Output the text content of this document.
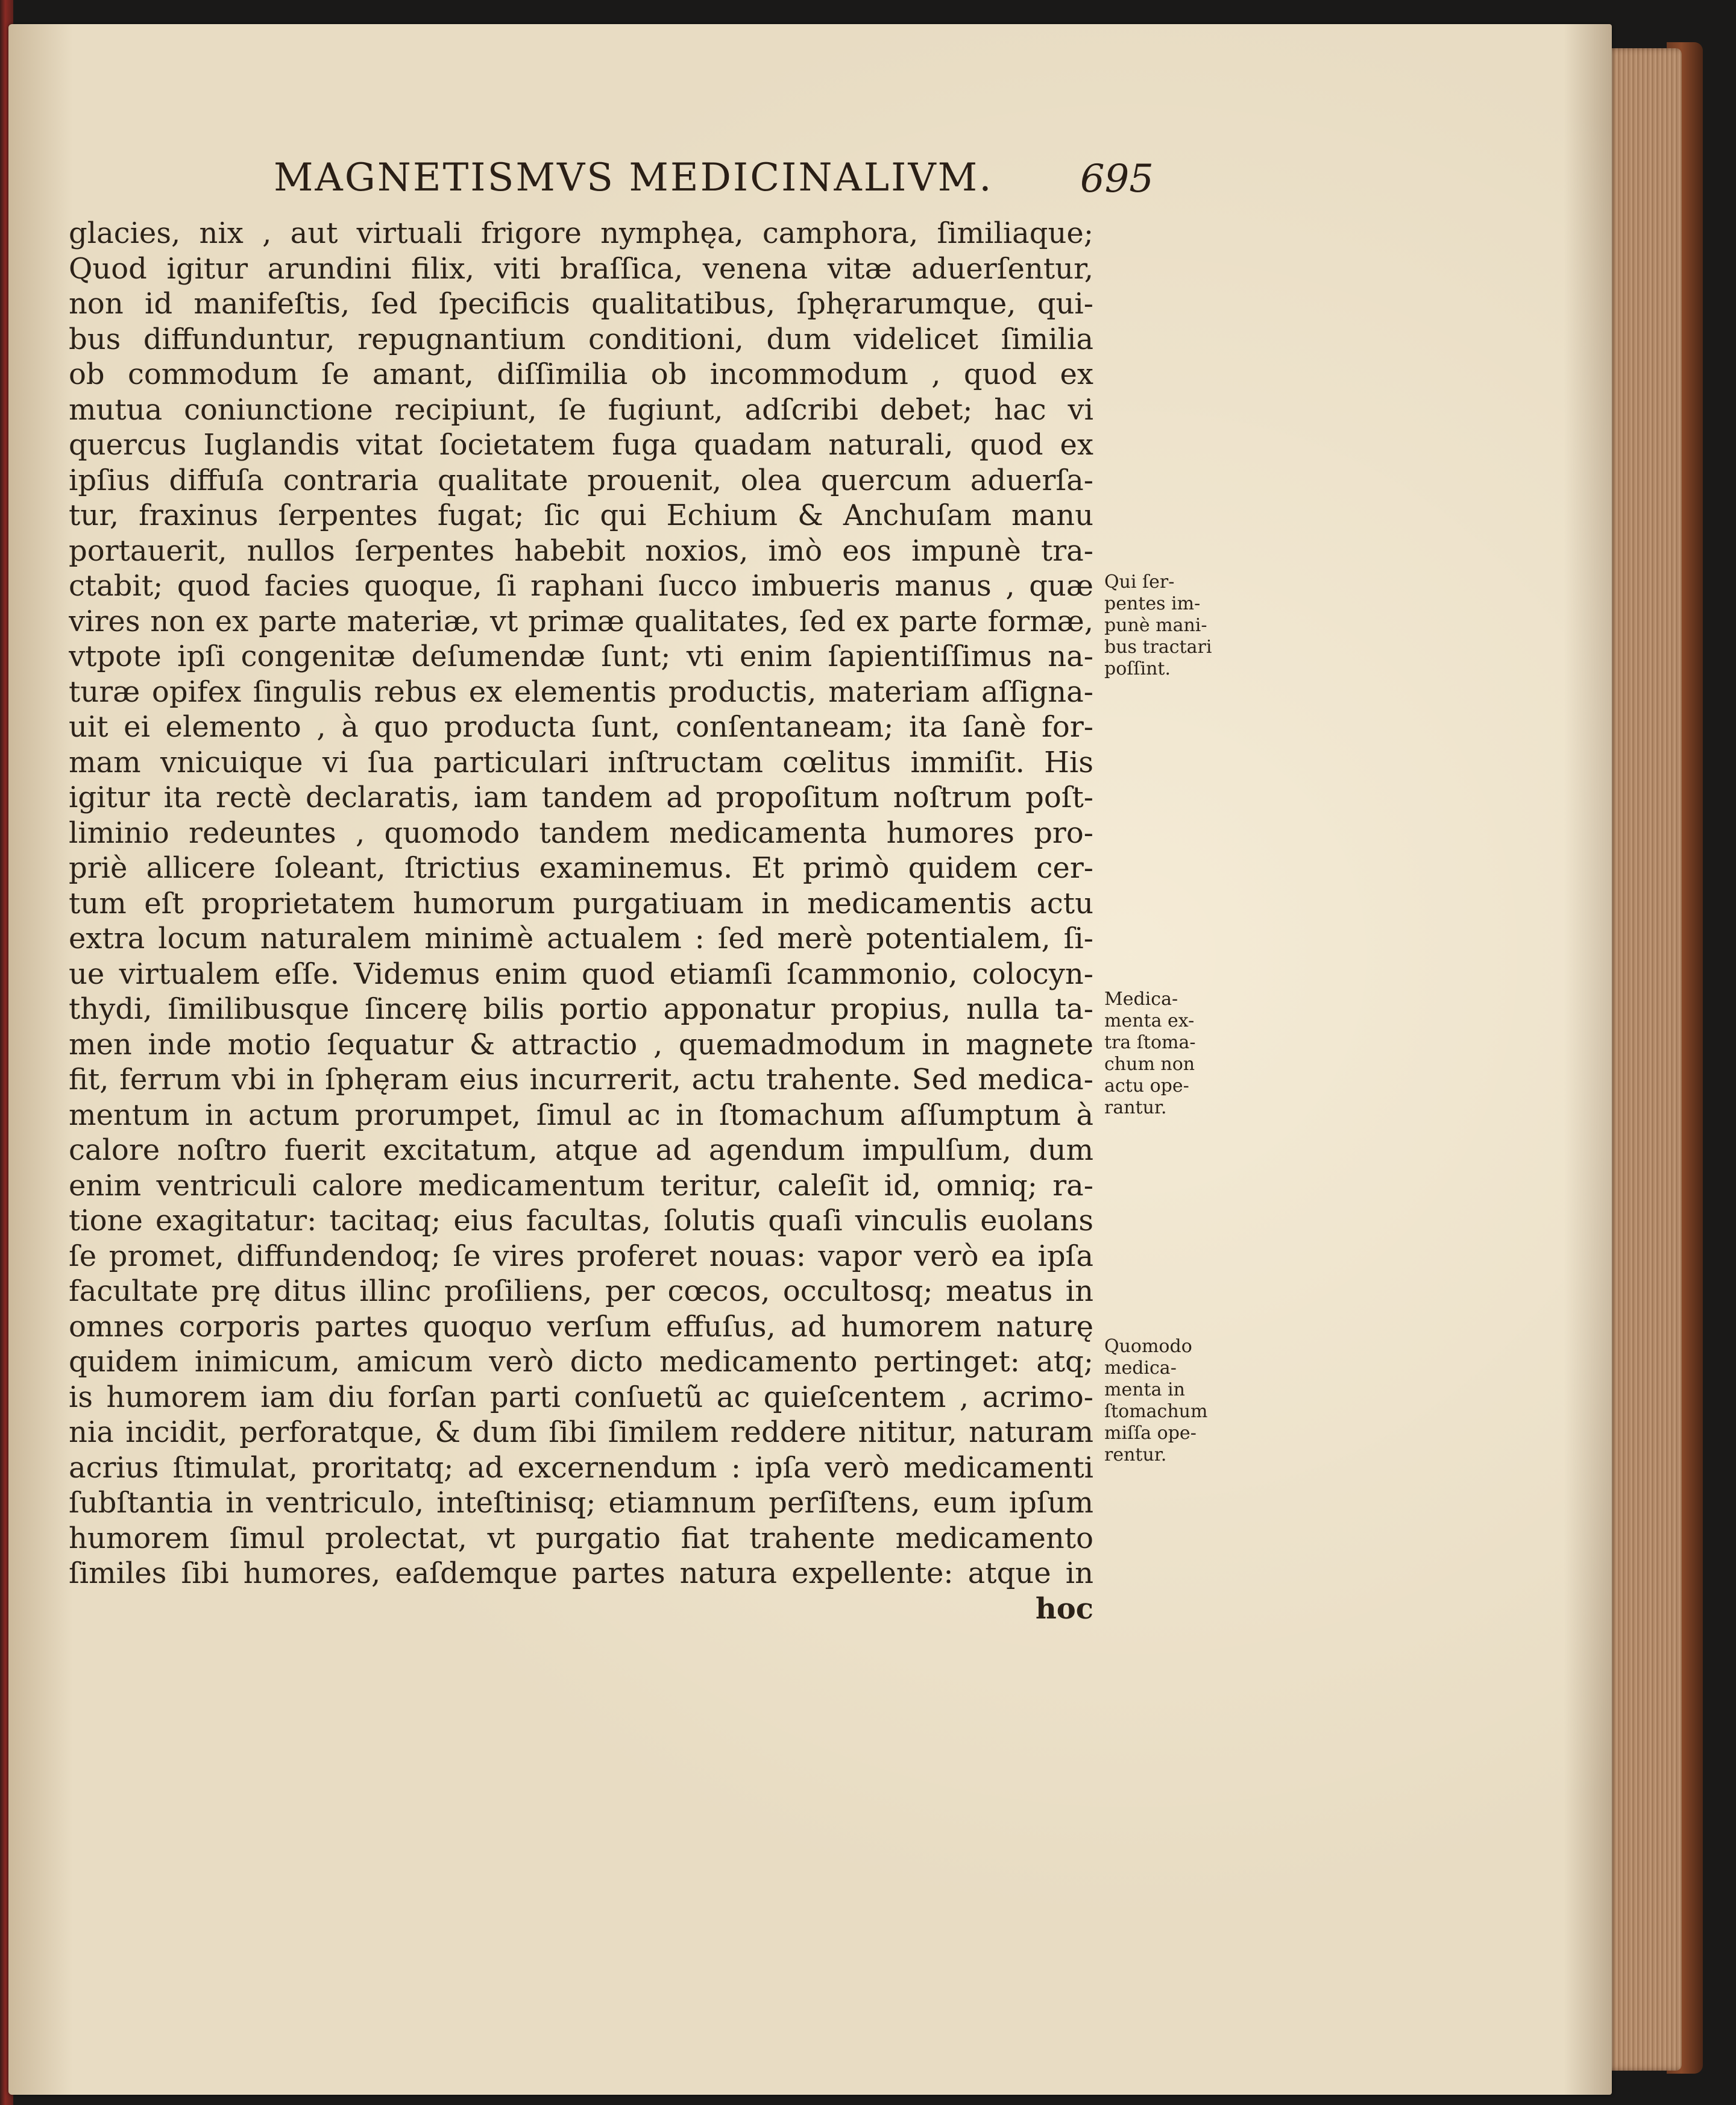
MAGNETISMVS MEDICINALIVM. 695
glacies, nix , aut virtuali frigore nymphęa, camphora, ſimiliaque;
Quod igitur arundini filix, viti braſſica, venena vitæ aduerſentur,
non id manifeſtis, ſed ſpecificis qualitatibus, ſphęrarumque, qui-
bus diffunduntur, repugnantium conditioni, dum videlicet ſimilia
ob commodum ſe amant, diſſimilia ob incommodum , quod ex
mutua coniunctione recipiunt, ſe fugiunt, adſcribi debet; hac vi
quercus Iuglandis vitat ſocietatem fuga quadam naturali, quod ex
ipſius diffuſa contraria qualitate prouenit, olea quercum aduerſa-
tur, fraxinus ſerpentes fugat; ſic qui Echium & Anchuſam manu
portauerit, nullos ſerpentes habebit noxios, imò eos impunè tra-
ctabit; quod facies quoque, ſi raphani ſucco imbueris manus , quæ
vires non ex parte materiæ, vt primæ qualitates, ſed ex parte formæ,
vtpote ipſi congenitæ deſumendæ ſunt; vti enim ſapientiſſimus na-
turæ opifex ſingulis rebus ex elementis productis, materiam aſſigna-
uit ei elemento , à quo producta ſunt, conſentaneam; ita ſanè for-
mam vnicuique vi ſua particulari inſtructam cœlitus immiſit. His
igitur ita rectè declaratis, iam tandem ad propoſitum noſtrum poſt-
liminio redeuntes , quomodo tandem medicamenta humores pro-
priè allicere ſoleant, ſtrictius examinemus. Et primò quidem cer-
tum eſt proprietatem humorum purgatiuam in medicamentis actu
extra locum naturalem minimè actualem : ſed merè potentialem, ſi-
ue virtualem eſſe. Videmus enim quod etiamſi ſcammonio, colocyn-
thydi, ſimilibusque ſincerę bilis portio apponatur propius, nulla ta-
men inde motio ſequatur & attractio , quemadmodum in magnete
fit, ferrum vbi in ſphęram eius incurrerit, actu trahente. Sed medica-
mentum in actum prorumpet, ſimul ac in ſtomachum aſſumptum à
calore noſtro fuerit excitatum, atque ad agendum impulſum, dum
enim ventriculi calore medicamentum teritur, caleſit id, omniq; ra-
tione exagitatur: tacitaq; eius facultas, ſolutis quaſi vinculis euolans
ſe promet, diffundendoq; ſe vires proferet nouas: vapor verò ea ipſa
facultate prę ditus illinc proſiliens, per cœcos, occultosq; meatus in
omnes corporis partes quoquo verſum effuſus, ad humorem naturę
quidem inimicum, amicum verò dicto medicamento pertinget: atq;
is humorem iam diu forſan parti conſuetũ ac quieſcentem , acrimo-
nia incidit, perforatque, & dum ſibi ſimilem reddere nititur, naturam
acrius ſtimulat, proritatq; ad excernendum : ipſa verò medicamenti
ſubſtantia in ventriculo, inteſtinisq; etiamnum perſiſtens, eum ipſum
humorem ſimul prolectat, vt purgatio fiat trahente medicamento
ſimiles ſibi humores, eaſdemque partes natura expellente: atque in
hoc
Qui ſer-
pentes im-
punè mani-
bus tractari
poſſint.
Medica-
menta ex-
tra ſtoma-
chum non
actu ope-
rantur.
Quomodo
medica-
menta in
ſtomachum
miſſa ope-
rentur.
